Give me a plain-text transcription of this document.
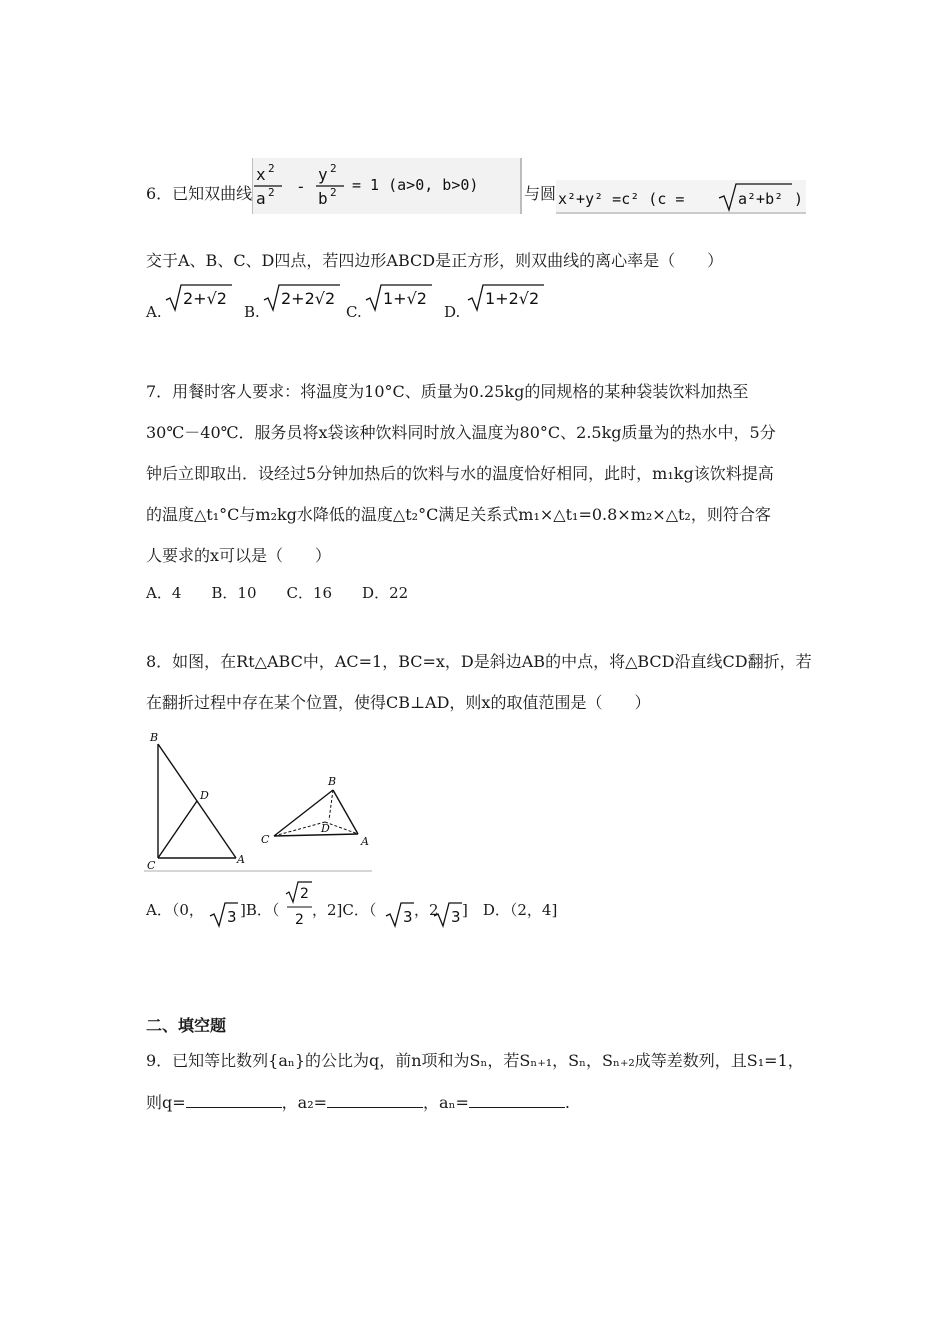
6．已知双曲线
x 2
a 2 -
y 2
b 2 = 1 (a>0, b>0)	与圆 x²+y² =c² (c =	a²+b² )
交于A、B、C、D四点，若四边形ABCD是正方形，则双曲线的离心率是（　　）
A.
2+√2
B.
2+2√2
C.
1+√2
D.
1+2√2
7．用餐时客人要求：将温度为10°C、质量为0.25kg的同规格的某种袋装饮料加热至
30℃－40℃．服务员将x袋该种饮料同时放入温度为80°C、2.5kg质量为的热水中，5分
钟后立即取出．设经过5分钟加热后的饮料与水的温度恰好相同，此时，m₁kg该饮料提高
的温度△t₁°C与m₂kg水降低的温度△t₂°C满足关系式m₁×△t₁=0.8×m₂×△t₂，则符合客
人要求的x可以是（　　）
A．4　　B．10　　C．16　　D．22
8．如图，在Rt△ABC中，AC=1，BC=x，D是斜边AB的中点，将△BCD沿直线CD翻折，若
在翻折过程中存在某个位置，使得CB⊥AD，则x的取值范围是（　　）
B
D
C	A
B
D
C	A
A．（0， 3 ]B．（
2
2
，2]C．（ 3 ，2 3 ]　D．（2，4]
二、填空题
9．已知等比数列{aₙ}的公比为q，前n项和为Sₙ，若Sₙ₊₁，Sₙ，Sₙ₊₂成等差数列，且S₁=1，
则q=	，a₂=	，aₙ=	.
